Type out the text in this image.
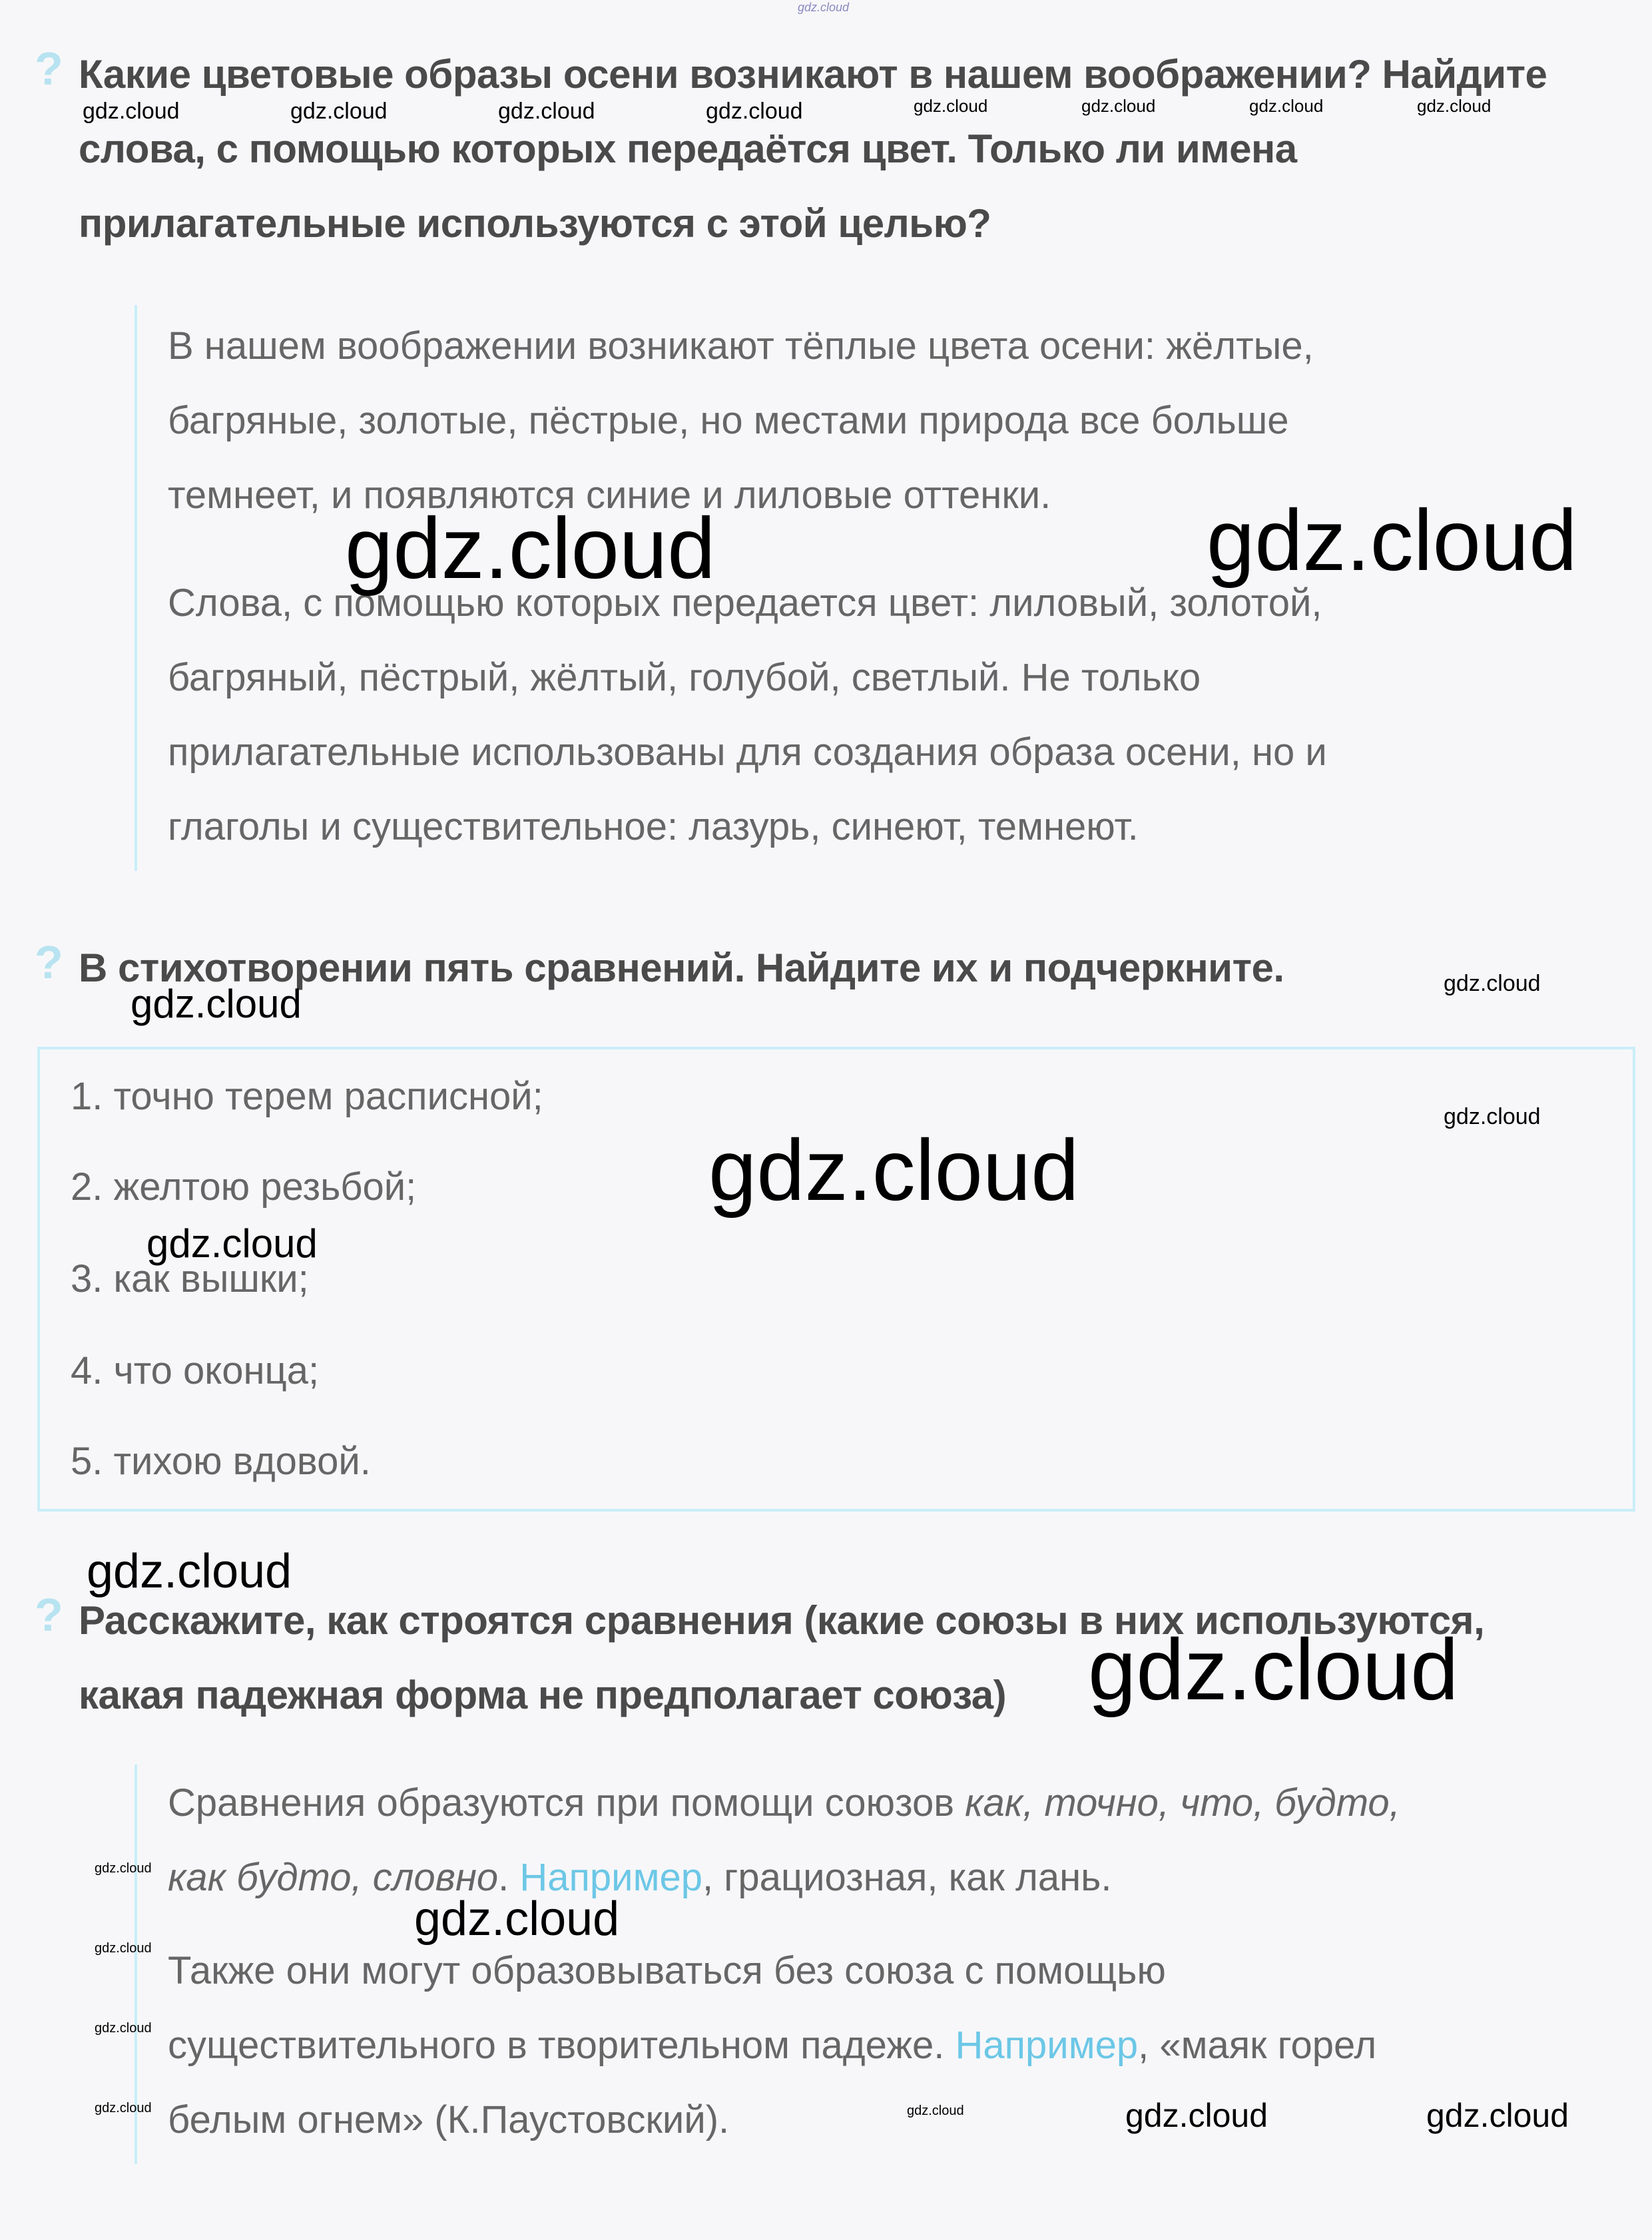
gdz.cloud
? Какие цветовые образы осени возникают в нашем воображении? Найдите
слова, с помощью которых передаётся цвет. Только ли имена
прилагательные используются с этой целью?

В нашем воображении возникают тёплые цвета осени: жёлтые,

багряные, золотые, пёстрые, но местами природа все больше

темнеет, и появляются синие и лиловые оттенки.

Слова, с помощью которых передается цвет: лиловый, золотой,

багряный, пёстрый, жёлтый, голубой, светлый. Не только

прилагательные использованы для создания образа осени, но и

глаголы и существительное: лазурь, синеют, темнеют.

? В стихотворении пять сравнений. Найдите их и подчеркните.
1. точно терем расписной;
2. желтою резьбой;
3. как вышки;
4. что оконца;
5. тихою вдовой.
? Расскажите, как строятся сравнения (какие союзы в них используются,
какая падежная форма не предполагает союза)

Сравнения образуются при помощи союзов как, точно, что, будто,

как будто, словно. Например, грациозная, как лань.

Также они могут образовываться без союза с помощью

существительного в творительном падеже. Например, «маяк горел

белым огнем» (К.Паустовский).

gdz.cloud	gdz.cloud	gdz.cloud	gdz.cloud	gdz.cloud	gdz.cloud	gdz.cloud	gdz.cloud
gdz.cloud	gdz.cloud
gdz.cloud
gdz.cloud
gdz.cloud
gdz.cloud
gdz.cloud
gdz.cloud
gdz.cloud
gdz.cloud
gdz.cloud
gdz.cloud
gdz.cloud
gdz.cloud	gdz.cloud	gdz.cloud	gdz.cloud
